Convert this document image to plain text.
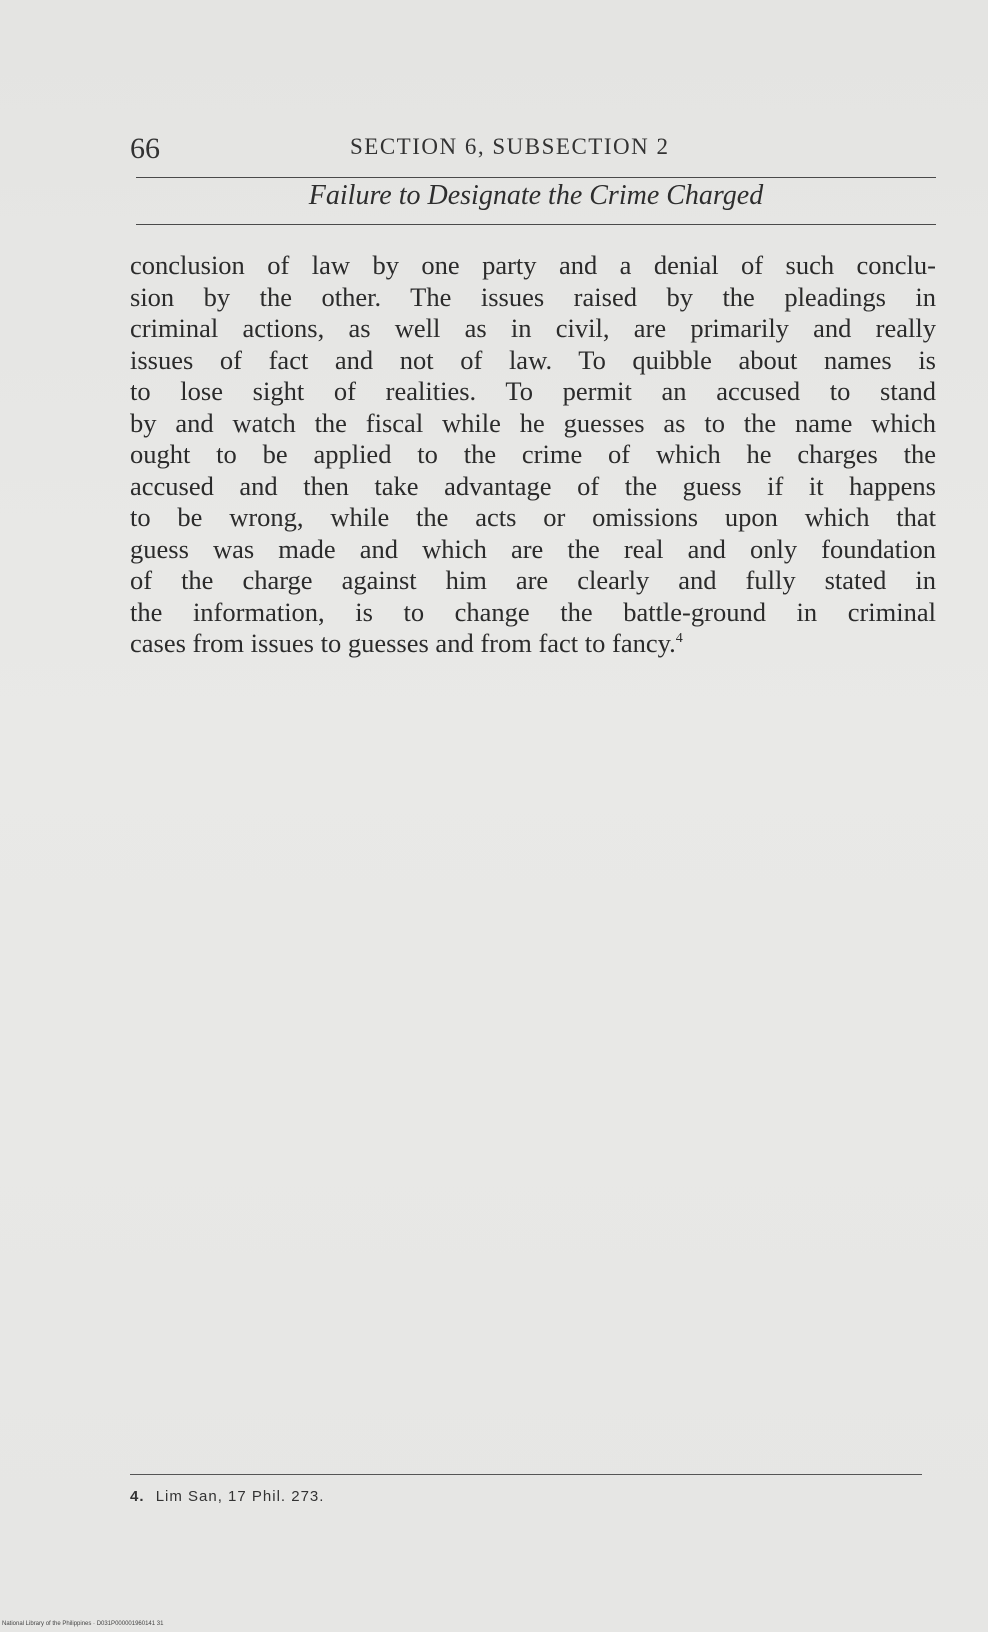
66	SECTION 6, SUBSECTION 2
Failure to Designate the Crime Charged
conclusion of law by one party and a denial of such conclu-
sion by the other. The issues raised by the pleadings in
criminal actions, as well as in civil, are primarily and really
issues of fact and not of law. To quibble about names is
to lose sight of realities. To permit an accused to stand
by and watch the fiscal while he guesses as to the name which
ought to be applied to the crime of which he charges the
accused and then take advantage of the guess if it happens
to be wrong, while the acts or omissions upon which that
guess was made and which are the real and only foundation
of the charge against him are clearly and fully stated in
the information, is to change the battle-ground in criminal
cases from issues to guesses and from fact to fancy.$^4$
4. Lim San, 17 Phil. 273.
National Library of the Philippines · D031P000001960141 31
